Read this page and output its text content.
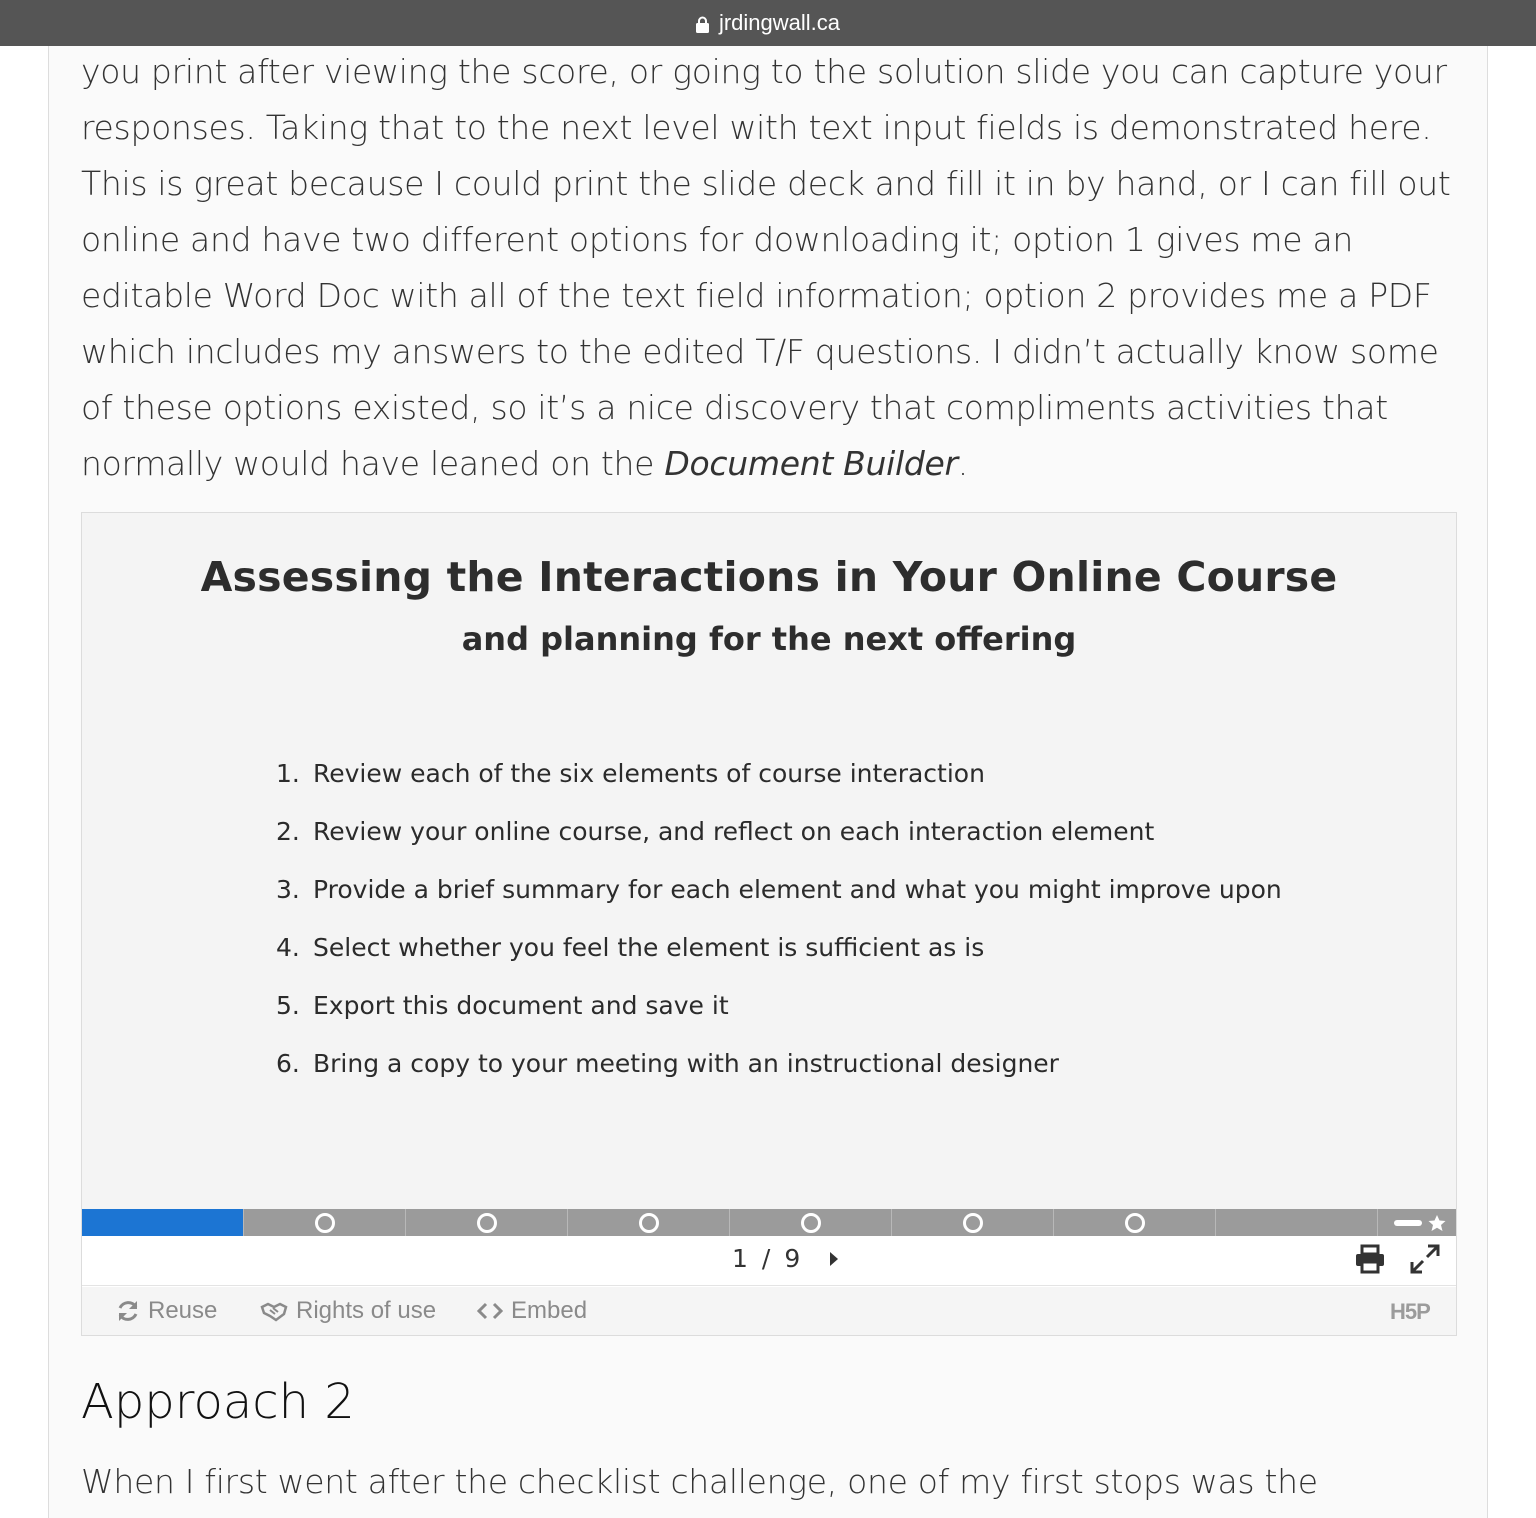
jrdingwall.ca

you print after viewing the score, or going to the solution slide you can capture your responses. Taking that to the next level with text input fields is demonstrated here. This is great because I could print the slide deck and fill it in by hand, or I can fill out online and have two different options for downloading it; option 1 gives me an editable Word Doc with all of the text field information; option 2 provides me a PDF which includes my answers to the edited T/F questions. I didn’t actually know some of these options existed, so it’s a nice discovery that compliments activities that normally would have leaned on the Document Builder.

Assessing the Interactions in Your Online Course
and planning for the next offering
1. Review each of the six elements of course interaction
2. Review your online course, and reflect on each interaction element
3. Provide a brief summary for each element and what you might improve upon
4. Select whether you feel the element is sufficient as is
5. Export this document and save it
6. Bring a copy to your meeting with an instructional designer
1 / 9
Reuse	Rights of use	Embed	H5P
Approach 2

When I first went after the checklist challenge, one of my first stops was the
